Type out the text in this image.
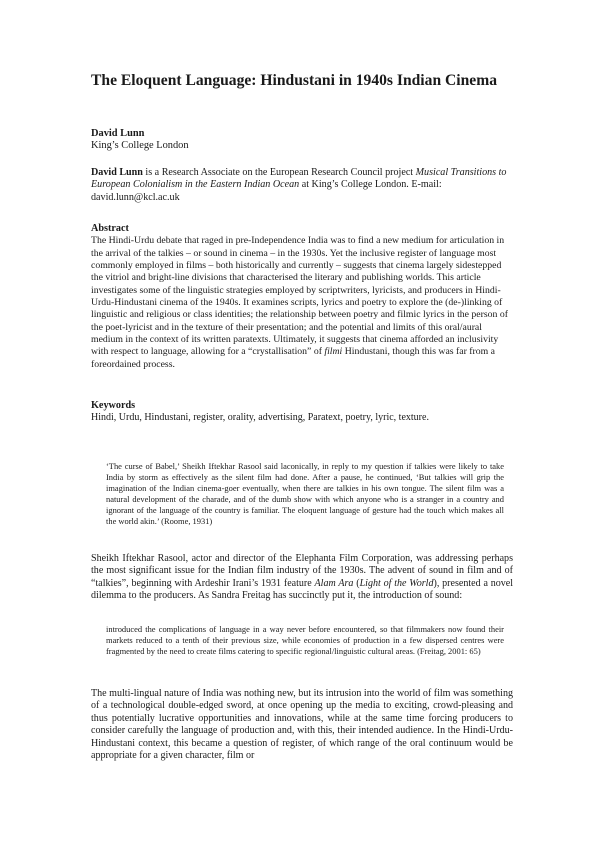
The Eloquent Language: Hindustani in 1940s Indian Cinema
David Lunn
King’s College London
David Lunn is a Research Associate on the European Research Council project Musical Transitions to European Colonialism in the Eastern Indian Ocean at King’s College London. E-mail: david.lunn@kcl.ac.uk
Abstract
The Hindi-Urdu debate that raged in pre-Independence India was to find a new medium for articulation in the arrival of the talkies – or sound in cinema – in the 1930s. Yet the inclusive register of language most commonly employed in films – both historically and currently – suggests that cinema largely sidestepped the vitriol and bright-line divisions that characterised the literary and publishing worlds. This article investigates some of the linguistic strategies employed by scriptwriters, lyricists, and producers in Hindi-Urdu-Hindustani cinema of the 1940s. It examines scripts, lyrics and poetry to explore the (de-)linking of linguistic and religious or class identities; the relationship between poetry and filmic lyrics in the person of the poet-lyricist and in the texture of their presentation; and the potential and limits of this oral/aural medium in the context of its written paratexts. Ultimately, it suggests that cinema afforded an inclusivity with respect to language, allowing for a “crystallisation” of filmi Hindustani, though this was far from a foreordained process.
Keywords
Hindi, Urdu, Hindustani, register, orality, advertising, Paratext, poetry, lyric, texture.
‘The curse of Babel,’ Sheikh Iftekhar Rasool said laconically, in reply to my question if talkies were likely to take India by storm as effectively as the silent film had done. After a pause, he continued, ‘But talkies will grip the imagination of the Indian cinema-goer eventually, when there are talkies in his own tongue. The silent film was a natural development of the charade, and of the dumb show with which anyone who is a stranger in a country and ignorant of the language of the country is familiar. The eloquent language of gesture had the touch which makes all the world akin.’ (Roome, 1931)
Sheikh Iftekhar Rasool, actor and director of the Elephanta Film Corporation, was addressing perhaps the most significant issue for the Indian film industry of the 1930s. The advent of sound in film and of “talkies”, beginning with Ardeshir Irani’s 1931 feature Alam Ara (Light of the World), presented a novel dilemma to the producers. As Sandra Freitag has succinctly put it, the introduction of sound:
introduced the complications of language in a way never before encountered, so that filmmakers now found their markets reduced to a tenth of their previous size, while economies of production in a few dispersed centres were fragmented by the need to create films catering to specific regional/linguistic cultural areas. (Freitag, 2001: 65)
The multi-lingual nature of India was nothing new, but its intrusion into the world of film was something of a technological double-edged sword, at once opening up the media to exciting, crowd-pleasing and thus potentially lucrative opportunities and innovations, while at the same time forcing producers to consider carefully the language of production and, with this, their intended audience. In the Hindi-Urdu-Hindustani context, this became a question of register, of which range of the oral continuum would be appropriate for a given character, film or
